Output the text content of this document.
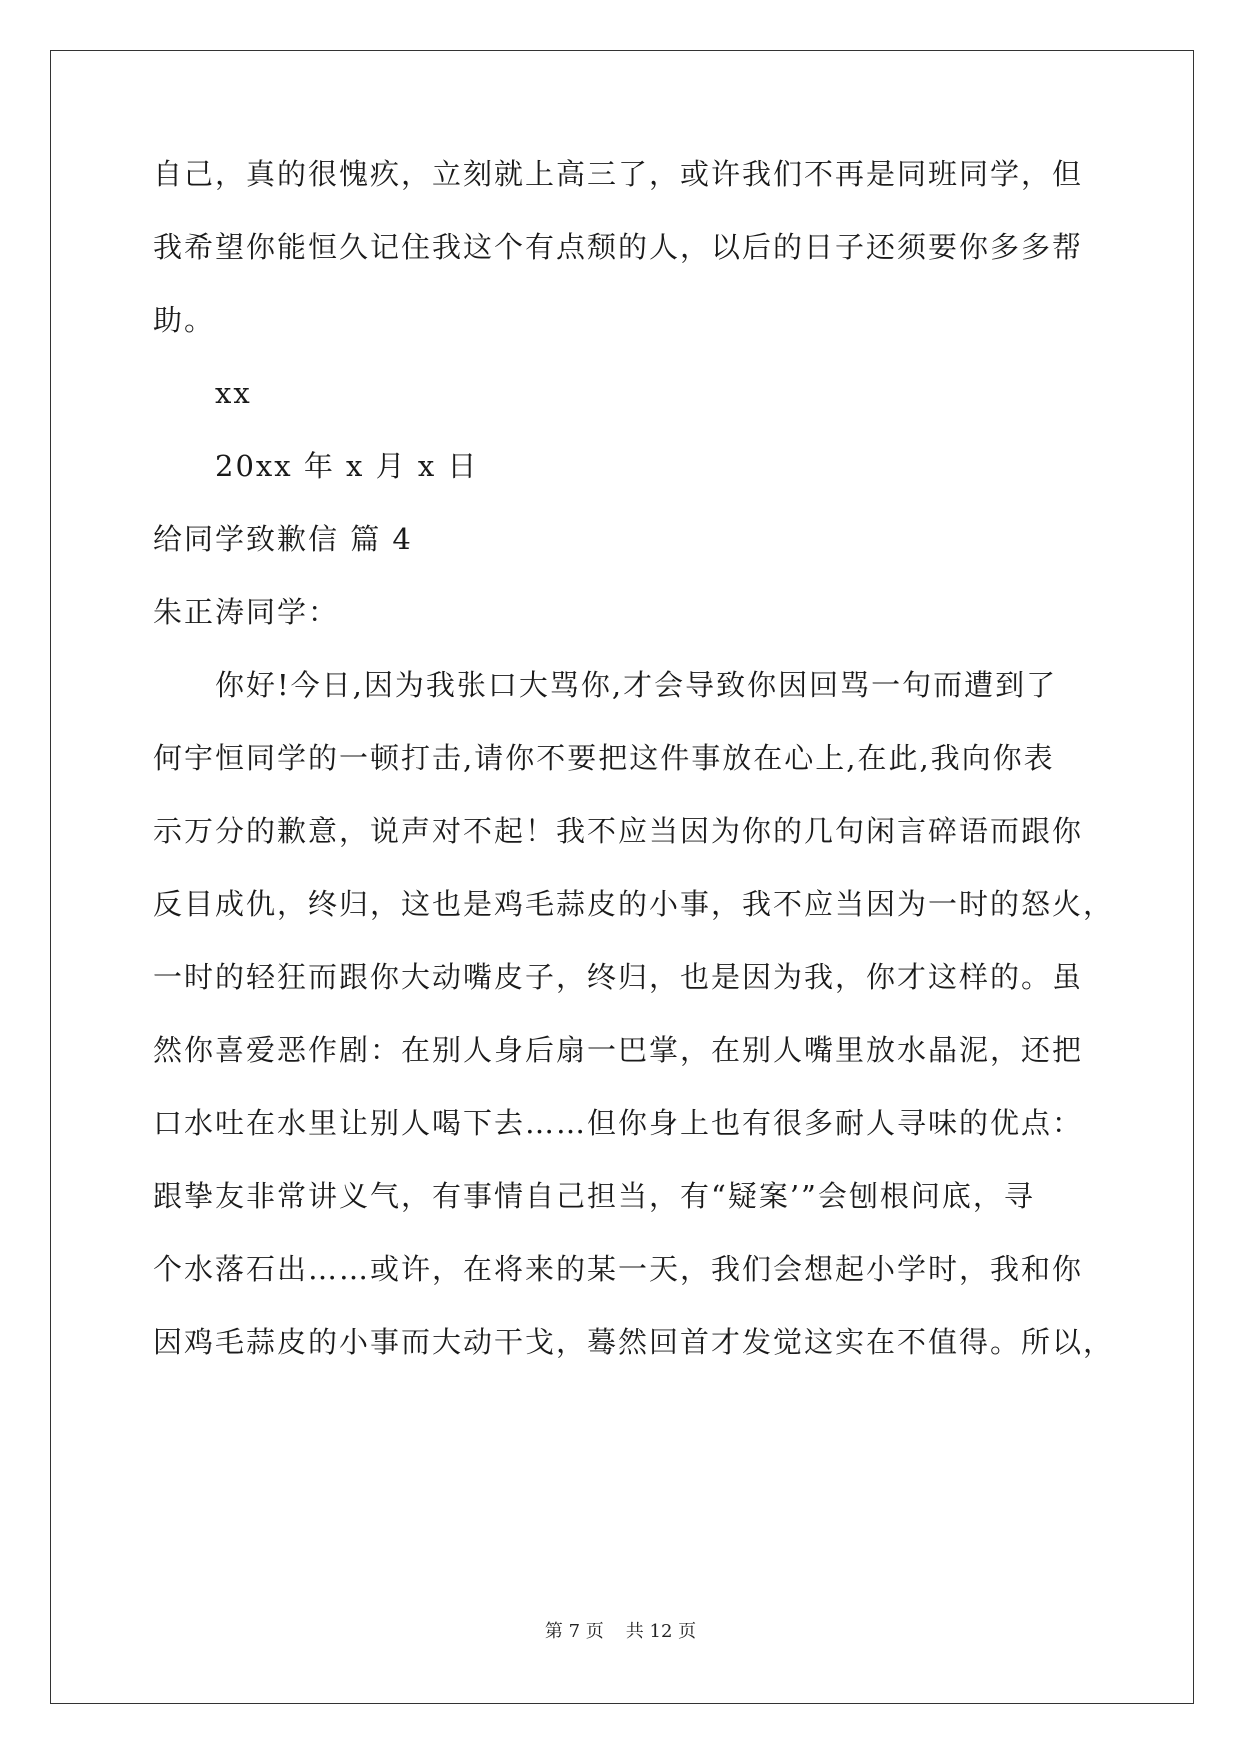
自己，真的很愧疚，立刻就上高三了，或许我们不再是同班同学，但
我希望你能恒久记住我这个有点颓的人，以后的日子还须要你多多帮
助。
xx
20xx 年 x 月 x 日
给同学致歉信 篇 4
朱正涛同学：
你好!今日,因为我张口大骂你,才会导致你因回骂一句而遭到了
何宇恒同学的一顿打击,请你不要把这件事放在心上,在此,我向你表
示万分的歉意，说声对不起！我不应当因为你的几句闲言碎语而跟你
反目成仇，终归，这也是鸡毛蒜皮的小事，我不应当因为一时的怒火，
一时的轻狂而跟你大动嘴皮子，终归，也是因为我，你才这样的。虽
然你喜爱恶作剧：在别人身后扇一巴掌，在别人嘴里放水晶泥，还把
口水吐在水里让别人喝下去……但你身上也有很多耐人寻味的优点：
跟挚友非常讲义气，有事情自己担当，有“疑案’”会刨根问底，寻
个水落石出……或许，在将来的某一天，我们会想起小学时，我和你
因鸡毛蒜皮的小事而大动干戈，蓦然回首才发觉这实在不值得。所以，
第 7 页 共 12 页
